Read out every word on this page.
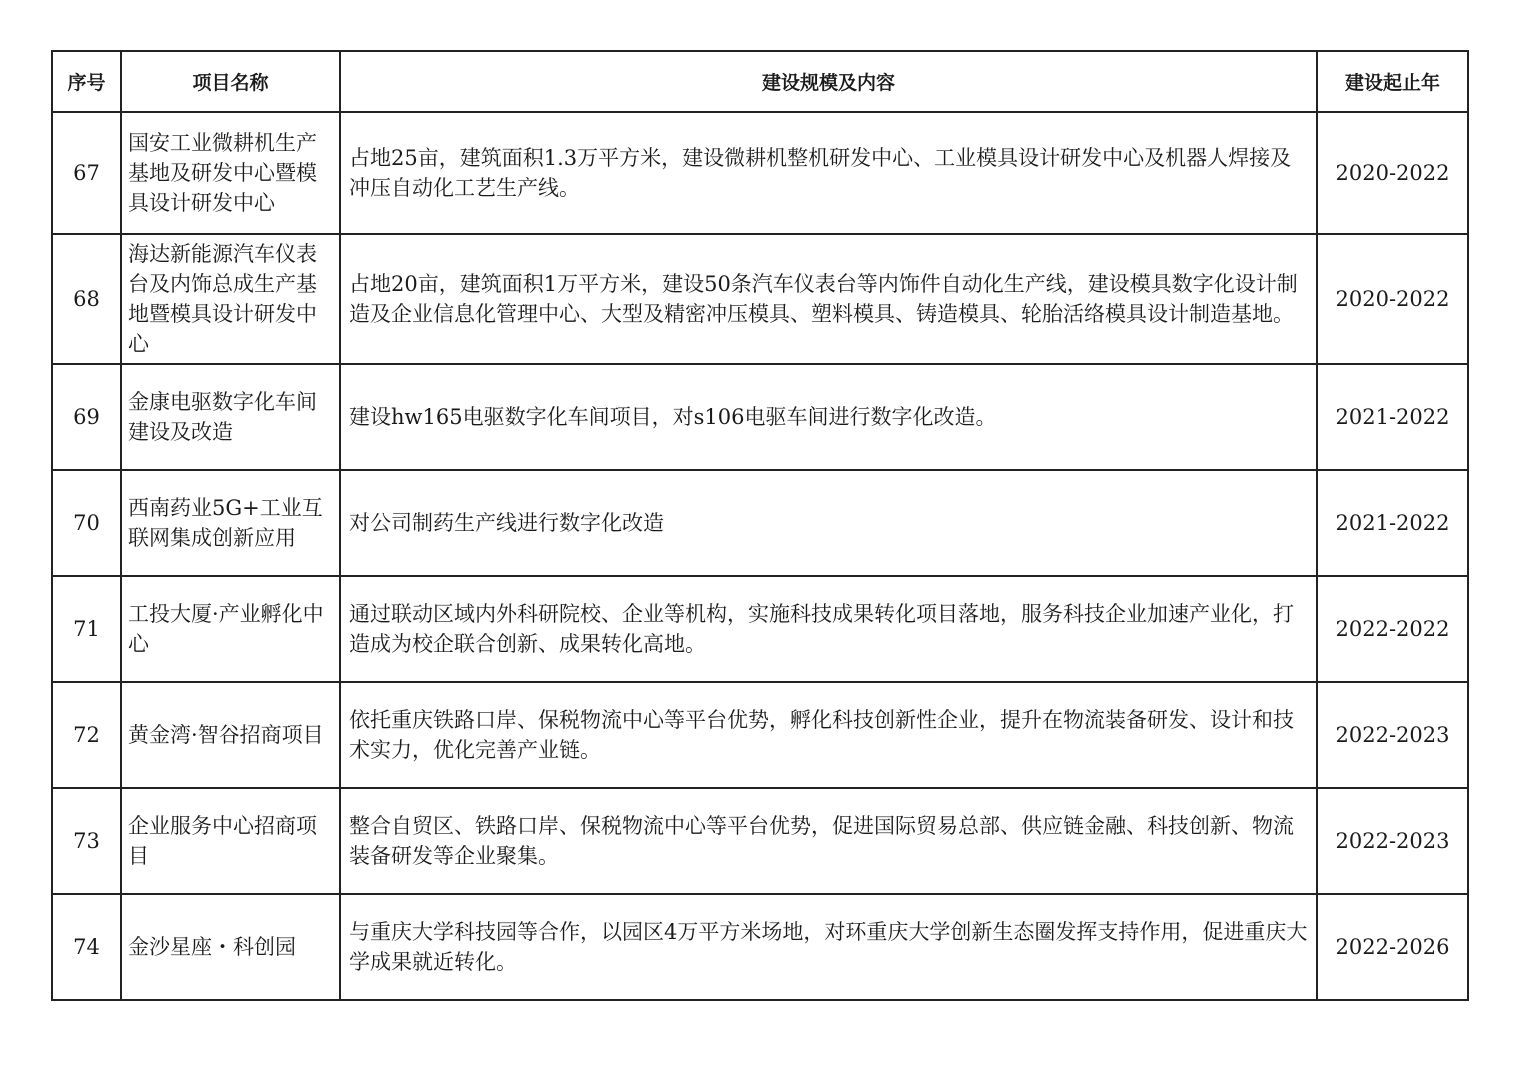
序号	项目名称	建设规模及内容	建设起止年
67	国安工业微耕机生产基地及研发中心暨模具设计研发中心	占地25亩，建筑面积1.3万平方米，建设微耕机整机研发中心、工业模具设计研发中心及机器人焊接及冲压自动化工艺生产线。	2020-2022
68	海达新能源汽车仪表台及内饰总成生产基地暨模具设计研发中心	占地20亩，建筑面积1万平方米，建设50条汽车仪表台等内饰件自动化生产线，建设模具数字化设计制造及企业信息化管理中心、大型及精密冲压模具、塑料模具、铸造模具、轮胎活络模具设计制造基地。	2020-2022
69	金康电驱数字化车间建设及改造	建设hw165电驱数字化车间项目，对s106电驱车间进行数字化改造。	2021-2022
70	西南药业5G+工业互联网集成创新应用	对公司制药生产线进行数字化改造	2021-2022
71	工投大厦·产业孵化中心	通过联动区域内外科研院校、企业等机构，实施科技成果转化项目落地，服务科技企业加速产业化，打造成为校企联合创新、成果转化高地。	2022-2022
72	黄金湾·智谷招商项目	依托重庆铁路口岸、保税物流中心等平台优势，孵化科技创新性企业，提升在物流装备研发、设计和技术实力，优化完善产业链。	2022-2023
73	企业服务中心招商项目	整合自贸区、铁路口岸、保税物流中心等平台优势，促进国际贸易总部、供应链金融、科技创新、物流装备研发等企业聚集。	2022-2023
74	金沙星座・科创园	与重庆大学科技园等合作，以园区4万平方米场地，对环重庆大学创新生态圈发挥支持作用，促进重庆大学成果就近转化。	2022-2026
